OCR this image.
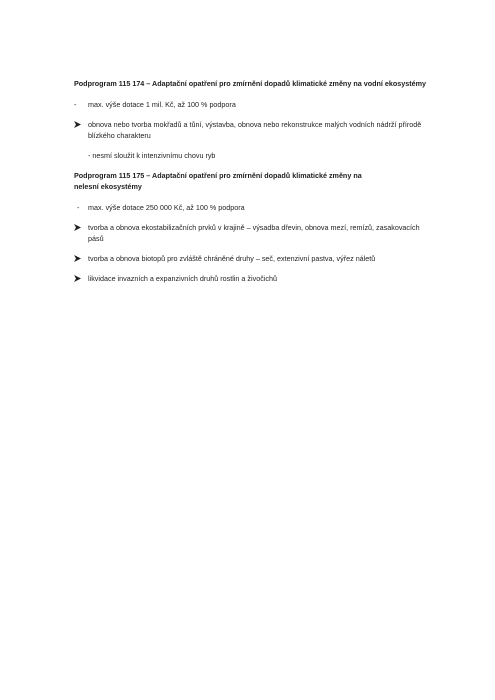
Podprogram 115 174 – Adaptační opatření pro zmírnění dopadů klimatické změny na vodní ekosystémy

-	max. výše dotace 1 mil. Kč, až 100 % podpora
obnova nebo tvorba mokřadů a tůní, výstavba, obnova nebo rekonstrukce malých vodních nádrží přírodě blízkého charakteru
- nesmí sloužit k intenzivnímu chovu ryb

Podprogram 115 175 – Adaptační opatření pro zmírnění dopadů klimatické změny na nelesní ekosystémy

-	max. výše dotace 250 000 Kč, až 100 % podpora
tvorba a obnova ekostabilizačních prvků v krajině – výsadba dřevin, obnova mezí, remízů, zasakovacích pásů
tvorba a obnova biotopů pro zvláště chráněné druhy – seč, extenzivní pastva, výřez náletů
likvidace invazních a expanzivních druhů rostlin a živočichů
